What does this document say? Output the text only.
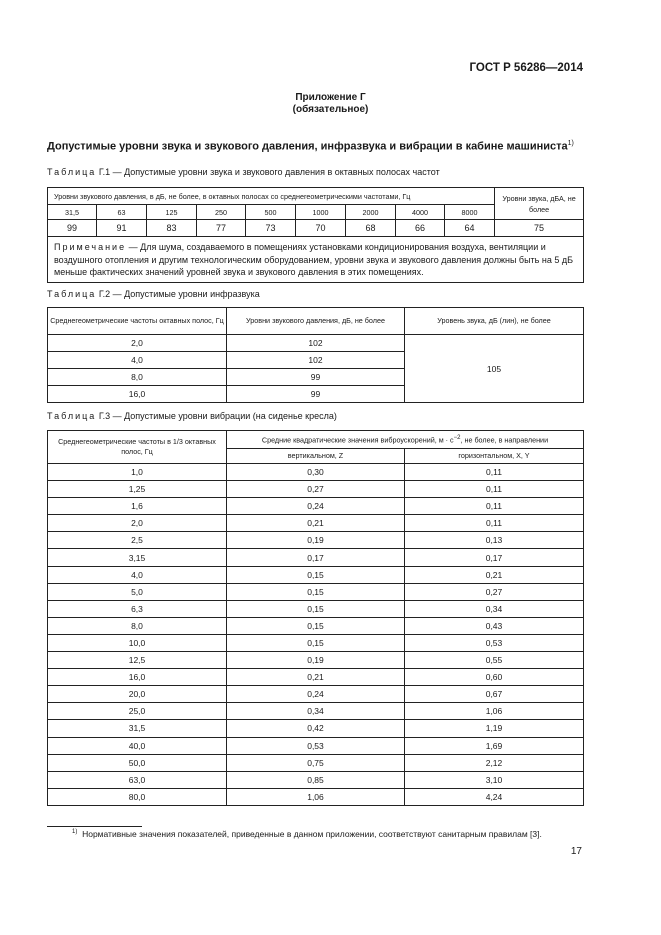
ГОСТ Р 56286—2014
Приложение Г
(обязательное)
Допустимые уровни звука и звукового давления, инфразвука и вибрации в кабине машиниста$^{1)}$
Таблица Г.1 — Допустимые уровни звука и звукового давления в октавных полосах частот
Уровни звукового давления, в дБ, не более, в октавных полосах со среднегеометрическими частотами, Гц									Уровни звука, дБА, не более
31,5	63	125	250	500	1000	2000	4000	8000	
99	91	83	77	73	70	68	66	64	75
Примечание — Для шума, создаваемого в помещениях установками кондиционирования воздуха, вентиляции и воздушного отопления и другим технологическим оборудованием, уровни звука и звукового давления должны быть на 5 дБ меньше фактических значений уровней звука и звукового давления в этих помещениях.									
Таблица Г.2 — Допустимые уровни инфразвука
Среднегеометрические частоты октавных полос, Гц	Уровни звукового давления, дБ, не более	Уровень звука, дБ (лин), не более
2,0	102	105
4,0	102	
8,0	99	
16,0	99	
Таблица Г.3 — Допустимые уровни вибрации (на сиденье кресла)
Среднегеометрические частоты в 1/3 октавных полос, Гц	Средние квадратические значения виброускорений, $м \cdot с^{-2}$, не более, в направлении	
	вертикальном, Z	горизонтальном, X, Y
1,0	0,30	0,11
1,25	0,27	0,11
1,6	0,24	0,11
2,0	0,21	0,11
2,5	0,19	0,13
3,15	0,17	0,17
4,0	0,15	0,21
5,0	0,15	0,27
6,3	0,15	0,34
8,0	0,15	0,43
10,0	0,15	0,53
12,5	0,19	0,55
16,0	0,21	0,60
20,0	0,24	0,67
25,0	0,34	1,06
31,5	0,42	1,19
40,0	0,53	1,69
50,0	0,75	2,12
63,0	0,85	3,10
80,0	1,06	4,24
$^{1)}$ Нормативные значения показателей, приведенные в данном приложении, соответствуют санитарным правилам [3].
17
